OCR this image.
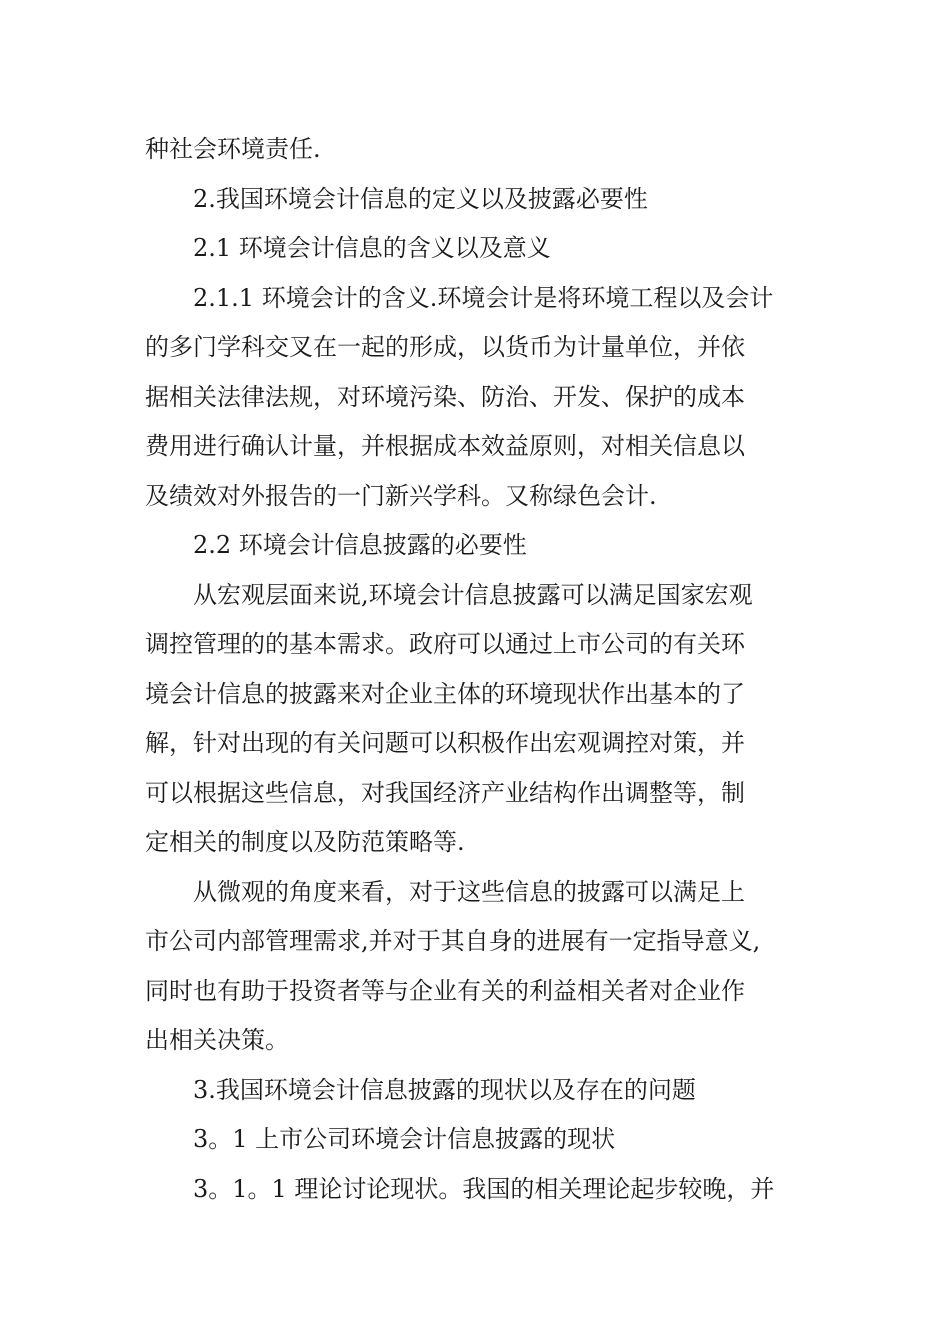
种社会环境责任.
2.我国环境会计信息的定义以及披露必要性
2.1 环境会计信息的含义以及意义
2.1.1 环境会计的含义.环境会计是将环境工程以及会计
的多门学科交叉在一起的形成，以货币为计量单位，并依
据相关法律法规，对环境污染、防治、开发、保护的成本
费用进行确认计量，并根据成本效益原则，对相关信息以
及绩效对外报告的一门新兴学科。又称绿色会计.
2.2 环境会计信息披露的必要性
从宏观层面来说,环境会计信息披露可以满足国家宏观
调控管理的的基本需求。政府可以通过上市公司的有关环
境会计信息的披露来对企业主体的环境现状作出基本的了
解，针对出现的有关问题可以积极作出宏观调控对策，并
可以根据这些信息，对我国经济产业结构作出调整等，制
定相关的制度以及防范策略等.
从微观的角度来看，对于这些信息的披露可以满足上
市公司内部管理需求,并对于其自身的进展有一定指导意义,
同时也有助于投资者等与企业有关的利益相关者对企业作
出相关决策。
3.我国环境会计信息披露的现状以及存在的问题
3。1 上市公司环境会计信息披露的现状
3。1。1 理论讨论现状。我国的相关理论起步较晚，并
